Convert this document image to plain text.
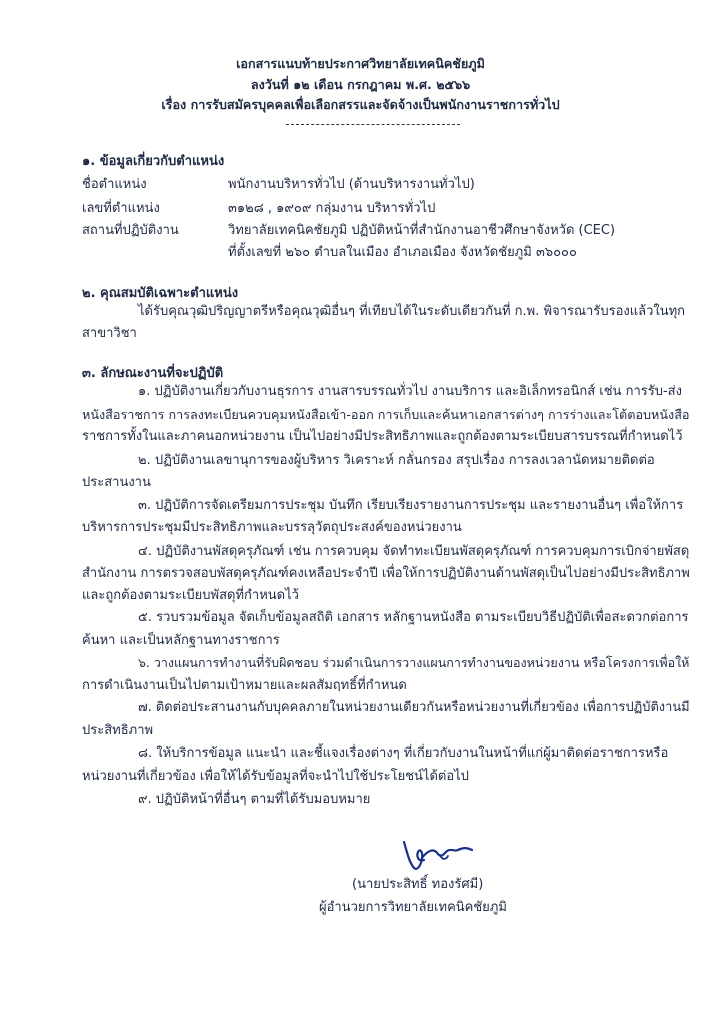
เอกสารแนบท้ายประกาศวิทยาลัยเทคนิคชัยภูมิ
ลงวันที่ ๑๒ เดือน กรกฎาคม พ.ศ. ๒๕๖๖
เรื่อง การรับสมัครบุคคลเพื่อเลือกสรรและจัดจ้างเป็นพนักงานราชการทั่วไป
๑. ข้อมูลเกี่ยวกับตำแหน่ง
ชื่อตำแหน่ง	พนักงานบริหารทั่วไป (ด้านบริหารงานทั่วไป)
เลขที่ตำแหน่ง	๓๑๒๘ , ๑๙๐๙ กลุ่มงาน บริหารทั่วไป
สถานที่ปฏิบัติงาน	วิทยาลัยเทคนิคชัยภูมิ ปฏิบัติหน้าที่สำนักงานอาชีวศึกษาจังหวัด (CEC)
ที่ตั้งเลขที่ ๒๖๐ ตำบลในเมือง อำเภอเมือง จังหวัดชัยภูมิ ๓๖๐๐๐
๒. คุณสมบัติเฉพาะตำแหน่ง
ได้รับคุณวุฒิปริญญาตรีหรือคุณวุฒิอื่นๆ ที่เทียบได้ในระดับเดียวกันที่ ก.พ. พิจารณารับรองแล้วในทุก
สาขาวิชา
๓. ลักษณะงานที่จะปฏิบัติ
๑. ปฏิบัติงานเกี่ยวกับงานธุรการ งานสารบรรณทั่วไป งานบริการ และอิเล็กทรอนิกส์ เช่น การรับ-ส่ง
หนังสือราชการ การลงทะเบียนควบคุมหนังสือเข้า-ออก การเก็บและค้นหาเอกสารต่างๆ การร่างและโต้ตอบหนังสือ
ราชการทั้งในและภาคนอกหน่วยงาน เป็นไปอย่างมีประสิทธิภาพและถูกต้องตามระเบียบสารบรรณที่กำหนดไว้
๒. ปฏิบัติงานเลขานุการของผู้บริหาร วิเคราะห์ กลั่นกรอง สรุปเรื่อง การลงเวลานัดหมายติดต่อ
ประสานงาน
๓. ปฏิบัติการจัดเตรียมการประชุม บันทึก เรียบเรียงรายงานการประชุม และรายงานอื่นๆ เพื่อให้การ
บริหารการประชุมมีประสิทธิภาพและบรรลุวัตถุประสงค์ของหน่วยงาน
๔. ปฏิบัติงานพัสดุครุภัณฑ์ เช่น การควบคุม จัดทำทะเบียนพัสดุครุภัณฑ์ การควบคุมการเบิกจ่ายพัสดุ
สำนักงาน การตรวจสอบพัสดุครุภัณฑ์คงเหลือประจำปี เพื่อให้การปฏิบัติงานด้านพัสดุเป็นไปอย่างมีประสิทธิภาพ
และถูกต้องตามระเบียบพัสดุที่กำหนดไว้
๕. รวบรวมข้อมูล จัดเก็บข้อมูลสถิติ เอกสาร หลักฐานหนังสือ ตามระเบียบวิธีปฏิบัติเพื่อสะดวกต่อการ
ค้นหา และเป็นหลักฐานทางราชการ
๖. วางแผนการทำงานที่รับผิดชอบ ร่วมดำเนินการวางแผนการทำงานของหน่วยงาน หรือโครงการเพื่อให้
การดำเนินงานเป็นไปตามเป้าหมายและผลสัมฤทธิ์ที่กำหนด
๗. ติดต่อประสานงานกับบุคคลภายในหน่วยงานเดียวกันหรือหน่วยงานที่เกี่ยวข้อง เพื่อการปฏิบัติงานมี
ประสิทธิภาพ
๘. ให้บริการข้อมูล แนะนำ และชี้แจงเรื่องต่างๆ ที่เกี่ยวกับงานในหน้าที่แก่ผู้มาติดต่อราชการหรือ
หน่วยงานที่เกี่ยวข้อง เพื่อให้ได้รับข้อมูลที่จะนำไปใช้ประโยชน์ได้ต่อไป
๙. ปฏิบัติหน้าที่อื่นๆ ตามที่ได้รับมอบหมาย
(นายประสิทธิ์ ทองรัศมี)
ผู้อำนวยการวิทยาลัยเทคนิคชัยภูมิ
